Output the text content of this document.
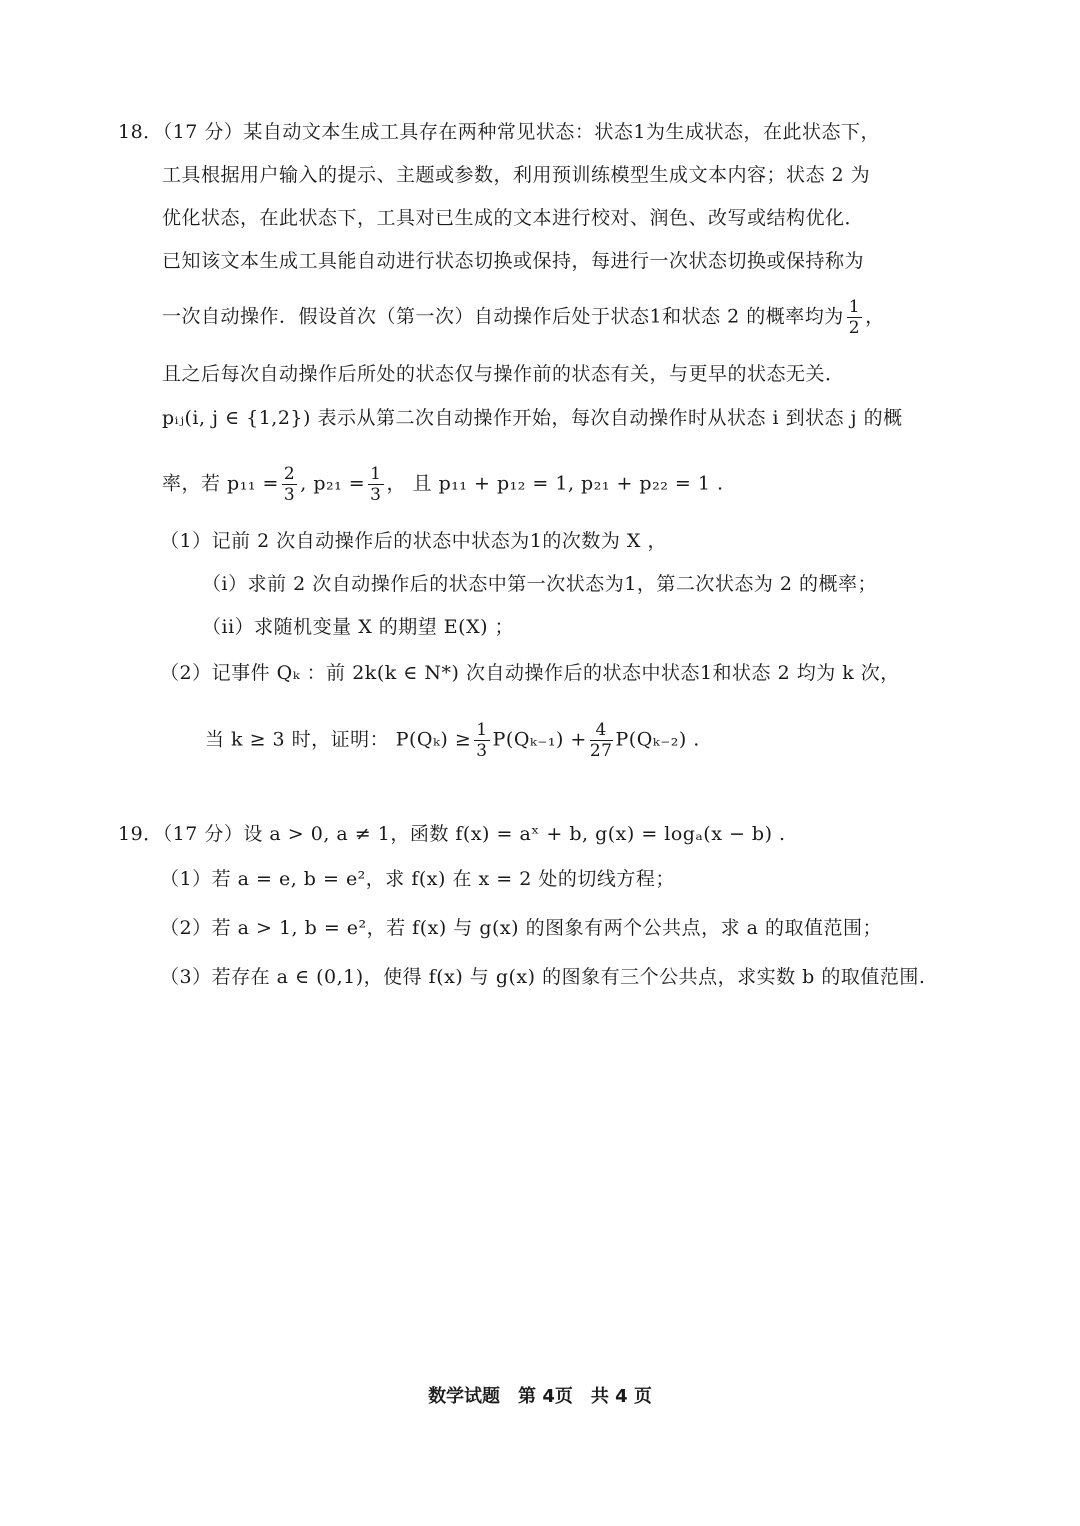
18．（17 分）某自动文本生成工具存在两种常见状态：状态1为生成状态，在此状态下，
工具根据用户输入的提示、主题或参数，利用预训练模型生成文本内容；状态 2 为
优化状态，在此状态下，工具对已生成的文本进行校对、润色、改写或结构优化．
已知该文本生成工具能自动进行状态切换或保持，每进行一次状态切换或保持称为
一次自动操作．假设首次（第一次）自动操作后处于状态1和状态 2 的概率均为 $\frac{1}{2}$ ，
且之后每次自动操作后所处的状态仅与操作前的状态有关，与更早的状态无关．
pᵢⱼ(i, j ∈ {1,2}) 表示从第二次自动操作开始，每次自动操作时从状态 i 到状态 j 的概
率，若 $p_{11} = \frac{2}{3}$ , $p_{21} = \frac{1}{3}$ ， 且 p₁₁ + p₁₂ = 1, p₂₁ + p₂₂ = 1 .
（1）记前 2 次自动操作后的状态中状态为1的次数为 X ，
（i）求前 2 次自动操作后的状态中第一次状态为1，第二次状态为 2 的概率；
（ii）求随机变量 X 的期望 E(X) ；
（2）记事件 Qₖ ：前 2k(k ∈ N*) 次自动操作后的状态中状态1和状态 2 均为 k 次，
当 k ≥ 3 时，证明： $P(Q_k) \ge \frac{1}{3} P(Q_{k-1}) + \frac{4}{27} P(Q_{k-2})$ .
19．（17 分）设 a > 0, a ≠ 1，函数 f(x) = aˣ + b, g(x) = logₐ(x − b) .
（1）若 a = e, b = e²，求 f(x) 在 x = 2 处的切线方程；
（2）若 a > 1, b = e²，若 f(x) 与 g(x) 的图象有两个公共点，求 a 的取值范围；
（3）若存在 a ∈ (0,1)，使得 f(x) 与 g(x) 的图象有三个公共点，求实数 b 的取值范围.
数学试题　第 4页　共 4 页
